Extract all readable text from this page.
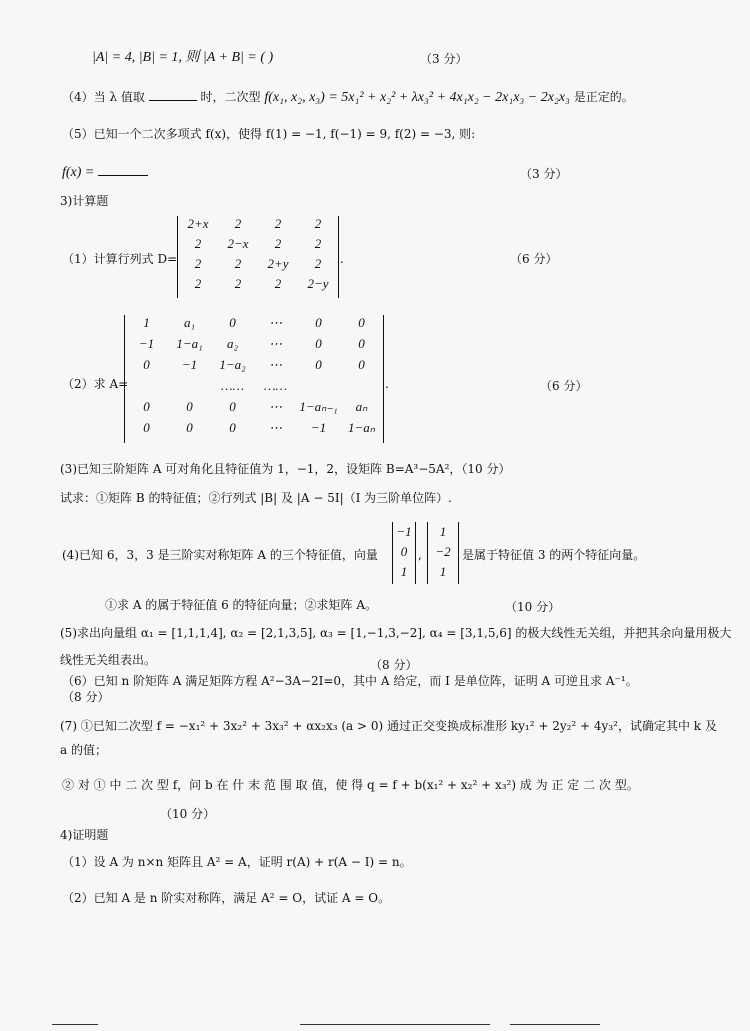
|A| = 4, |B| = 1, 则 |A + B| = ( )	（3 分）
（4）当 λ 值取	时，二次型 f(x₁, x₂, x₃) = 5x₁² + x₂² + λx₃² + 4x₁x₂ − 2x₁x₃ − 2x₂x₃ 是正定的。
（5）已知一个二次多项式 f(x)，使得 f(1) = −1, f(−1) = 9, f(2) = −3, 则:
f(x) =	（3 分）
3)计算题
（1）计算行列式 D=
2+x	2	2	2
2	2−x	2	2
2	2	2+y	2
2	2	2	2−y
.	（6 分）
（2）求 A=
1	a₁	0	⋯	0	0
−1	1−a₁	a₂	⋯	0	0
0	−1	1−a₂	⋯	0	0
……	……
0	0	0	⋯	1−aₙ₋₁	aₙ
0	0	0	⋯	−1	1−aₙ
.	（6 分）
(3)已知三阶矩阵 A 可对角化且特征值为 1，−1，2，设矩阵 B=A³−5A²，（10 分）
试求：①矩阵 B 的特征值；②行列式 |B| 及 |A − 5I|（I 为三阶单位阵）.
(4)已知 6，3，3 是三阶实对称矩阵 A 的三个特征值，向量
−1
0
1
,
1
−2
1
是属于特征值 3 的两个特征向量。
①求 A 的属于特征值 6 的特征向量；②求矩阵 A。	（10 分）
(5)求出向量组 α₁ = [1,1,1,4], α₂ = [2,1,3,5], α₃ = [1,−1,3,−2], α₄ = [3,1,5,6] 的极大线性无关组，并把其余向量用极大
线性无关组表出。	（8 分）
（6）已知 n 阶矩阵 A 满足矩阵方程 A²−3A−2I=0，其中 A 给定，而 I 是单位阵，证明 A 可逆且求 A⁻¹。
（8 分）
(7) ①已知二次型 f = −x₁² + 3x₂² + 3x₃² + αx₂x₃ (a > 0) 通过正交变换成标准形 ky₁² + 2y₂² + 4y₃²，试确定其中 k 及
a 的值；
② 对 ① 中 二 次 型 f，问 b 在 什 末 范 围 取 值，使 得 q = f + b(x₁² + x₂² + x₃²) 成 为 正 定 二 次 型。
（10 分）
4)证明题
（1）设 A 为 n×n 矩阵且 A² = A，证明 r(A) + r(A − I) = n。
（2）已知 A 是 n 阶实对称阵，满足 A² = O，试证 A = O。
